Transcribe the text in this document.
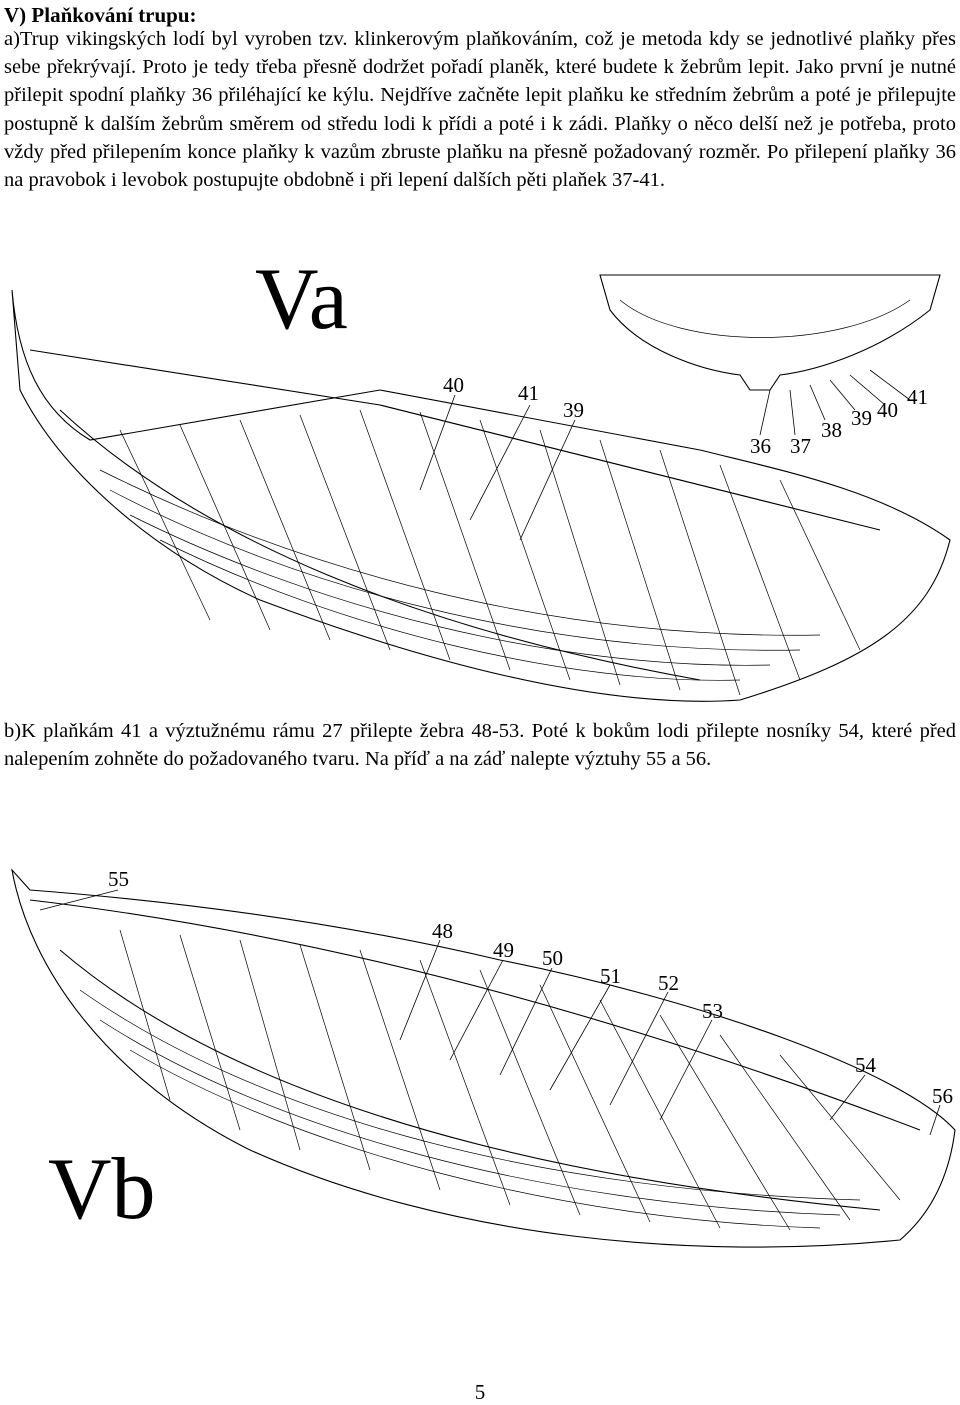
V) Plaňkování trupu:

a)Trup vikingských lodí byl vyroben tzv. klinkerovým plaňkováním, což je metoda kdy se jednotlivé plaňky přes sebe překrývají. Proto je tedy třeba přesně dodržet pořadí planěk, které budete k žebrům lepit. Jako první je nutné přilepit spodní plaňky 36 přiléhající ke kýlu. Nejdříve začněte lepit plaňku ke středním žebrům a poté je přilepujte postupně k dalším žebrům směrem od středu lodi k přídi a poté i k zádi. Plaňky o něco delší než je potřeba, proto vždy před přilepením konce plaňky k vazům zbruste plaňku na přesně požadovaný rozměr. Po přilepení plaňky 36 na pravobok i levobok postupujte obdobně i při lepení dalších pěti plaňek 37-41.

Va
40	41
39
36 37
38 39 40
41

b)K plaňkám 41 a výztužnému rámu 27 přilepte žebra 48-53. Poté k bokům lodi přilepte nosníky 54, které před nalepením zohněte do požadovaného tvaru. Na příď a na záď nalepte výztuhy 55 a 56.

Vb
55
48
49 50
51 52
53
54
56
5
